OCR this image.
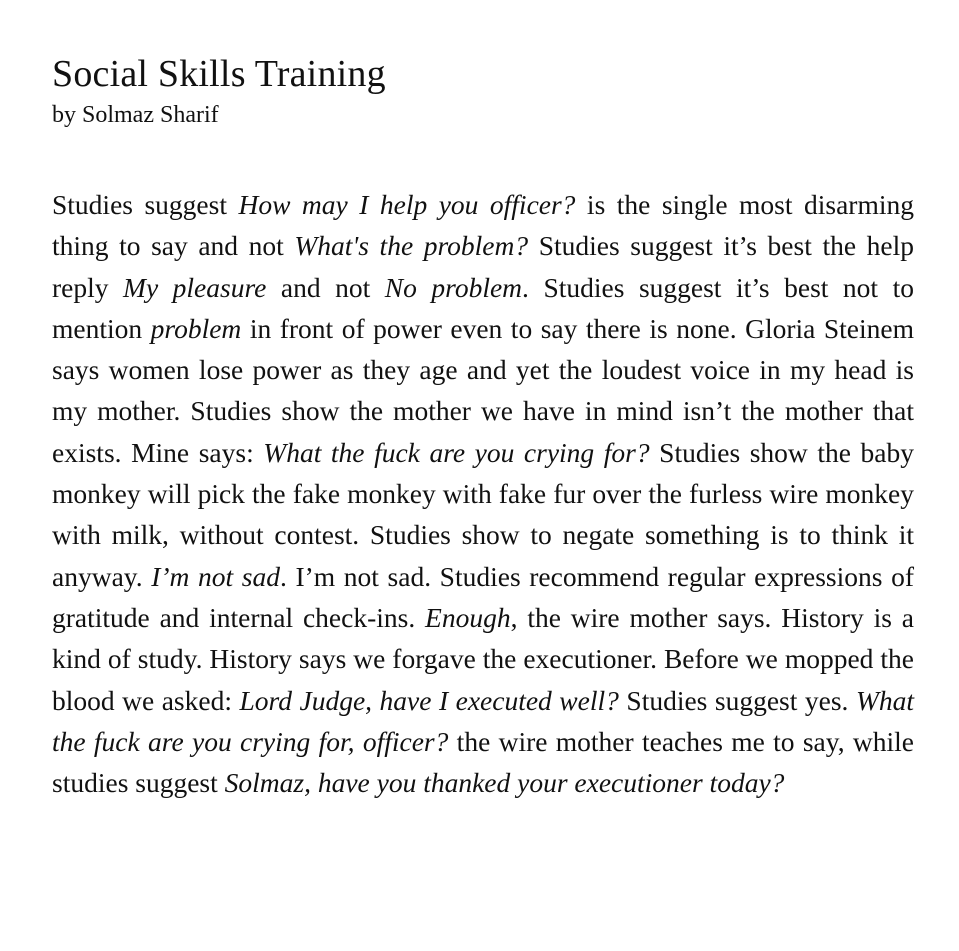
Social Skills Training
by Solmaz Sharif
Studies suggest How may I help you officer? is the single most disarming thing to say and not What's the problem? Studies suggest it’s best the help reply My pleasure and not No problem. Studies suggest it’s best not to mention problem in front of power even to say there is none. Gloria Steinem says women lose power as they age and yet the loudest voice in my head is my mother. Studies show the mother we have in mind isn’t the mother that exists. Mine says: What the fuck are you crying for? Studies show the baby monkey will pick the fake monkey with fake fur over the furless wire monkey with milk, without contest. Studies show to negate something is to think it anyway. I’m not sad. I’m not sad. Studies recommend regular expressions of gratitude and internal check-ins. Enough, the wire mother says. History is a kind of study. History says we forgave the executioner. Before we mopped the blood we asked: Lord Judge, have I executed well? Studies suggest yes. What the fuck are you crying for, officer? the wire mother teaches me to say, while studies suggest Solmaz, have you thanked your executioner today?
